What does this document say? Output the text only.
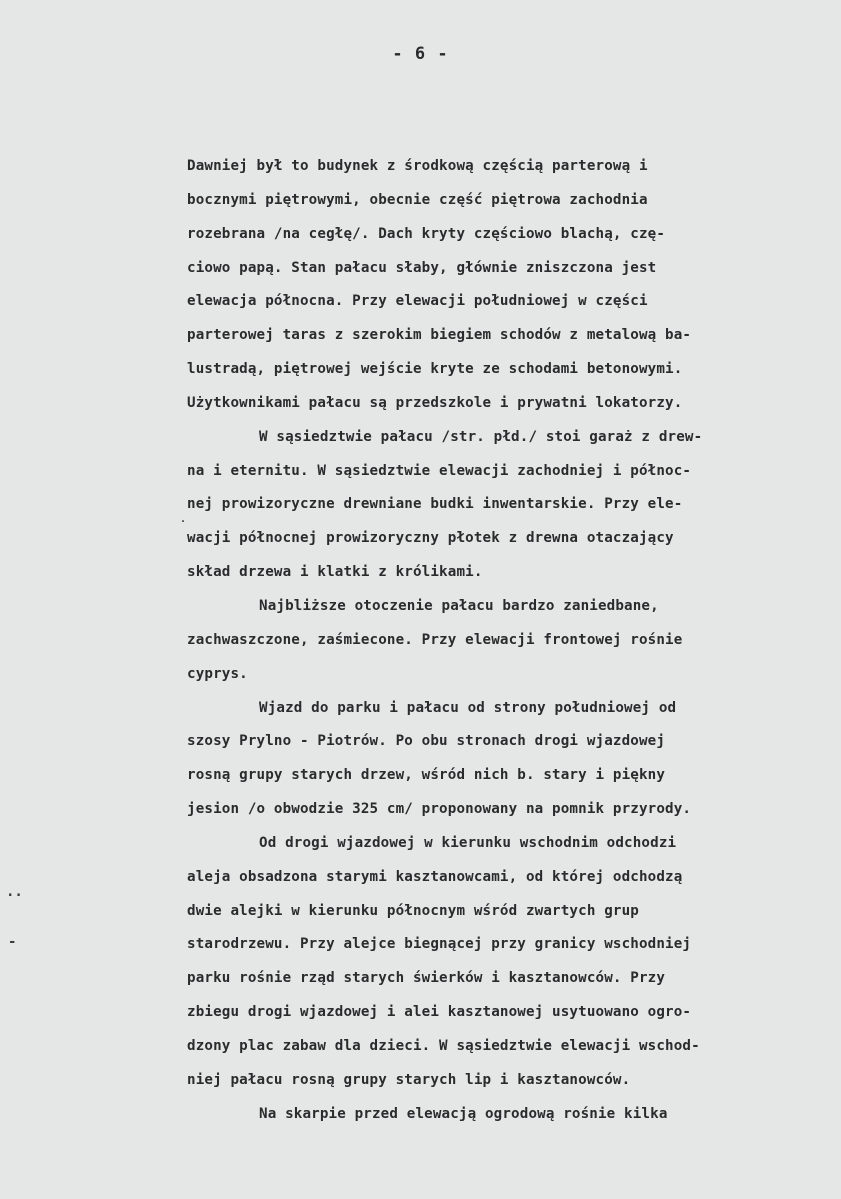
- 6 -
Dawniej był to budynek z środkową częścią parterową i
bocznymi piętrowymi, obecnie część piętrowa zachodnia
rozebrana /na cegłę/. Dach kryty częściowo blachą, czę-
ciowo papą. Stan pałacu słaby, głównie zniszczona jest
elewacja północna. Przy elewacji południowej w części
parterowej taras z szerokim biegiem schodów z metalową ba-
lustradą, piętrowej wejście kryte ze schodami betonowymi.
Użytkownikami pałacu są przedszkole i prywatni lokatorzy.
W sąsiedztwie pałacu /str. płd./ stoi garaż z drew-
na i eternitu. W sąsiedztwie elewacji zachodniej i północ-
nej prowizoryczne drewniane budki inwentarskie. Przy ele-
wacji północnej prowizoryczny płotek z drewna otaczający
skład drzewa i klatki z królikami.
Najbliższe otoczenie pałacu bardzo zaniedbane,
zachwaszczone, zaśmiecone. Przy elewacji frontowej rośnie
cyprys.
Wjazd do parku i pałacu od strony południowej od
szosy Prylno - Piotrów. Po obu stronach drogi wjazdowej
rosną grupy starych drzew, wśród nich b. stary i piękny
jesion /o obwodzie 325 cm/ proponowany na pomnik przyrody.
Od drogi wjazdowej w kierunku wschodnim odchodzi
aleja obsadzona starymi kasztanowcami, od której odchodzą
dwie alejki w kierunku północnym wśród zwartych grup
starodrzewu. Przy alejce biegnącej przy granicy wschodniej
parku rośnie rząd starych świerków i kasztanowców. Przy
zbiegu drogi wjazdowej i alei kasztanowej usytuowano ogro-
dzony plac zabaw dla dzieci. W sąsiedztwie elewacji wschod-
niej pałacu rosną grupy starych lip i kasztanowców.
Na skarpie przed elewacją ogrodową rośnie kilka
..
-
.
